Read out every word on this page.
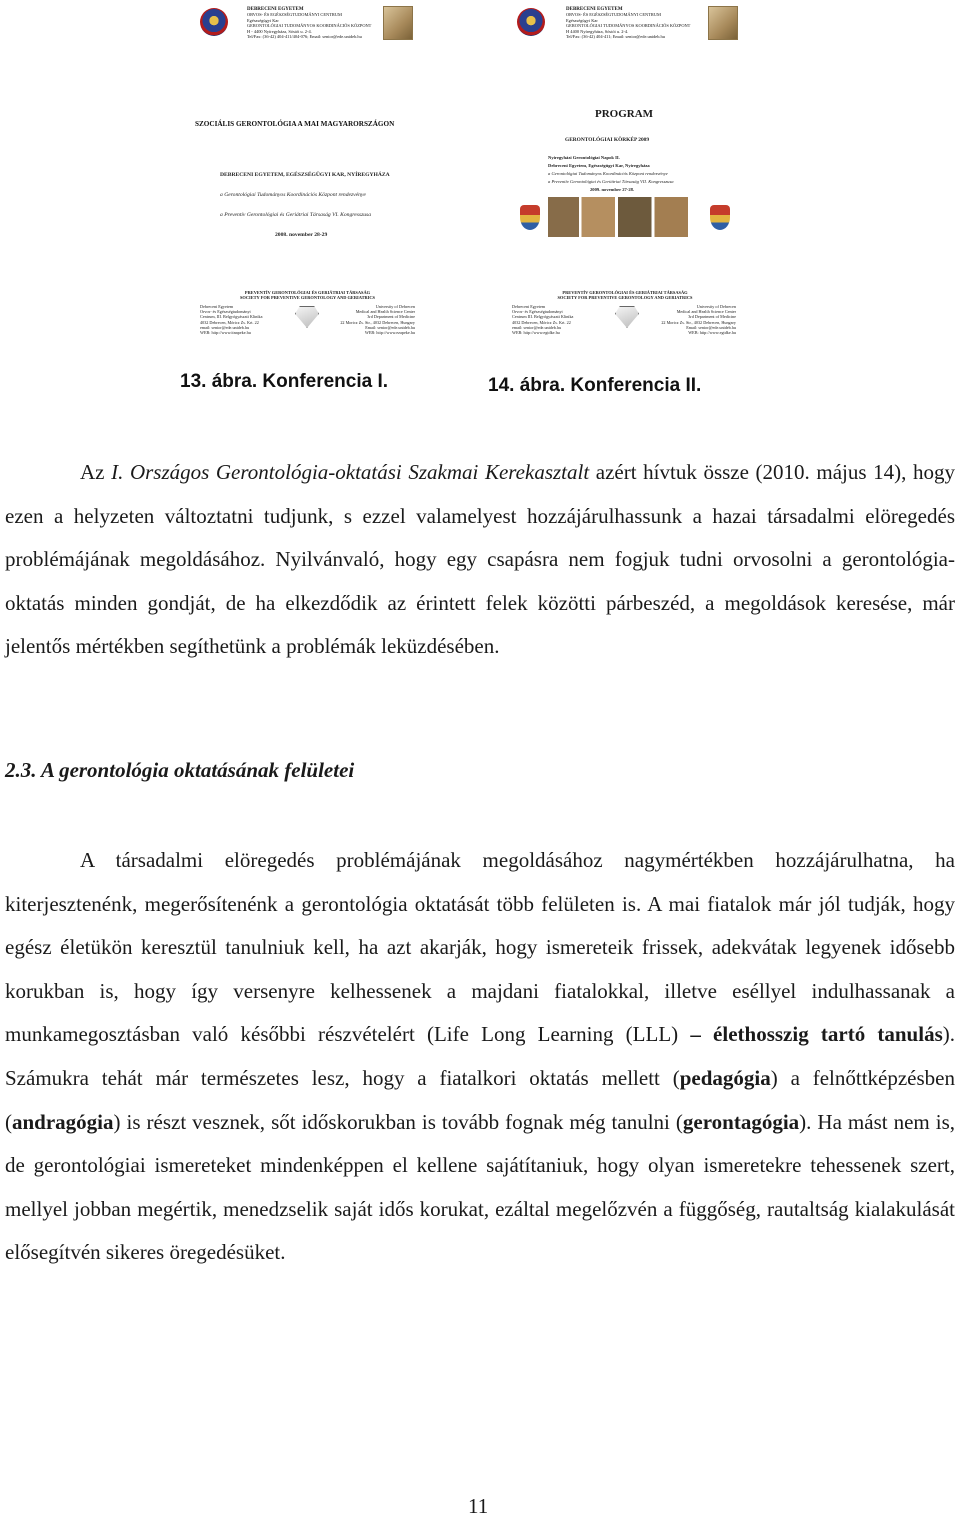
DEBRECENI EGYETEM
ORVOS- ÉS EGÉSZSÉGTUDOMÁNYI CENTRUM
Egészségügyi Kar
GERONTOLÓGIAI TUDOMÁNYOS KOORDINÁCIÓS KÖZPONT
H - 4400 Nyíregyháza, Sóstói u. 2-4.
Tel/Fax: (36-42) 404-411/404-076; Email: senior@ede.unideb.hu
SZOCIÁLIS GERONTOLÓGIA A MAI MAGYARORSZÁGON
DEBRECENI EGYETEM, EGÉSZSÉGÜGYI KAR, NYÍREGYHÁZA
a Gerontológiai Tudományos Koordinációs Központ rendezvénye
a Preventív Gerontológiai és Geriátriai Társaság VI. Kongresszusa
2008. november 28-29
PREVENTÍV GERONTOLÓGIAI ÉS GERIÁTRIAI TÁRSASÁG
SOCIETY FOR PREVENTIVE GERONTOLOGY AND GERIATRICS
Debreceni Egyetem
Orvos- és Egészségtudományi
Centrum, III. Belgyógyászati Klinika
4032 Debrecen, Móricz Zs. Krt. 22
email: senior@ede.unideb.hu
WEB: http://www.itnapeke.hu
University of Debrecen
Medical and Health Science Center
3rd Department of Medicine
22 Moricz Zs. Str., 4032 Debrecen, Hungary
Email: senior@ede.unideb.hu
WEB: http://www.ezapeke.hu
DEBRECENI EGYETEM
ORVOS- ÉS EGÉSZSÉGTUDOMÁNYI CENTRUM
Egészségügyi Kar
GERONTOLÓGIAI TUDOMÁNYOS KOORDINÁCIÓS KÖZPONT
H 4400 Nyíregyháza, Sóstói u. 2-4.
Tel/Fax: (36-42) 404-411; Email: senior@ede.unideb.hu
PROGRAM
GERONTOLÓGIAI KÖRKÉP 2009
Nyíregyházi Gerontológiai Napok II.
Debreceni Egyetem, Egészségügyi Kar, Nyíregyháza
a Gerontológiai Tudományos Koordinációs Központ rendezvénye
a Preventív Gerontológiai és Geriátriai Társaság VII. Kongresszusa
2009. november 27-28.
PREVENTÍV GERONTOLÓGIAI ÉS GERIÁTRIAI TÁRSASÁG
SOCIETY FOR PREVENTIVE GERONTOLOGY AND GERIATRICS
Debreceni Egyetem
Orvos- és Egészségtudományi
Centrum III. Belgyógyászati Klinika
4032 Debrecen, Móricz Zs. Krt. 22
email: senior@ede.unideb.hu
WEB: http://www.egtdke.hu
University of Debrecen
Medical and Health Science Center
3rd Department of Medicine
22 Moricz Zs. Str., 4032 Debrecen, Hungary
Email: senior@ede.unideb.hu
WEB: http://www.egtdke.hu
13. ábra. Konferencia I.	14. ábra. Konferencia II.

Az I. Országos Gerontológia-oktatási Szakmai Kerekasztalt azért hívtuk össze (2010. május 14), hogy ezen a helyzeten változtatni tudjunk, s ezzel valamelyest hozzájárulhassunk a hazai társadalmi elöregedés problémájának megoldásához. Nyilvánvaló, hogy egy csapásra nem fogjuk tudni orvosolni a gerontológia-oktatás minden gondját, de ha elkezdődik az érintett felek közötti párbeszéd, a megoldások keresése, már jelentős mértékben segíthetünk a problémák leküzdésében.

2.3. A gerontológia oktatásának felületei

A társadalmi elöregedés problémájának megoldásához nagymértékben hozzájárulhatna, ha kiterjesztenénk, megerősítenénk a gerontológia oktatását több felületen is. A mai fiatalok már jól tudják, hogy egész életükön keresztül tanulniuk kell, ha azt akarják, hogy ismereteik frissek, adekvátak legyenek idősebb korukban is, hogy így versenyre kelhessenek a majdani fiatalokkal, illetve eséllyel indulhassanak a munkamegosztásban való későbbi részvételért (Life Long Learning (LLL) – élethosszig tartó tanulás). Számukra tehát már természetes lesz, hogy a fiatalkori oktatás mellett (pedagógia) a felnőttképzésben (andragógia) is részt vesznek, sőt időskorukban is tovább fognak még tanulni (gerontagógia). Ha mást nem is, de gerontológiai ismereteket mindenképpen el kellene sajátítaniuk, hogy olyan ismeretekre tehessenek szert, mellyel jobban megértik, menedzselik saját idős korukat, ezáltal megelőzvén a függőség, rautaltság kialakulását elősegítvén sikeres öregedésüket.

11
